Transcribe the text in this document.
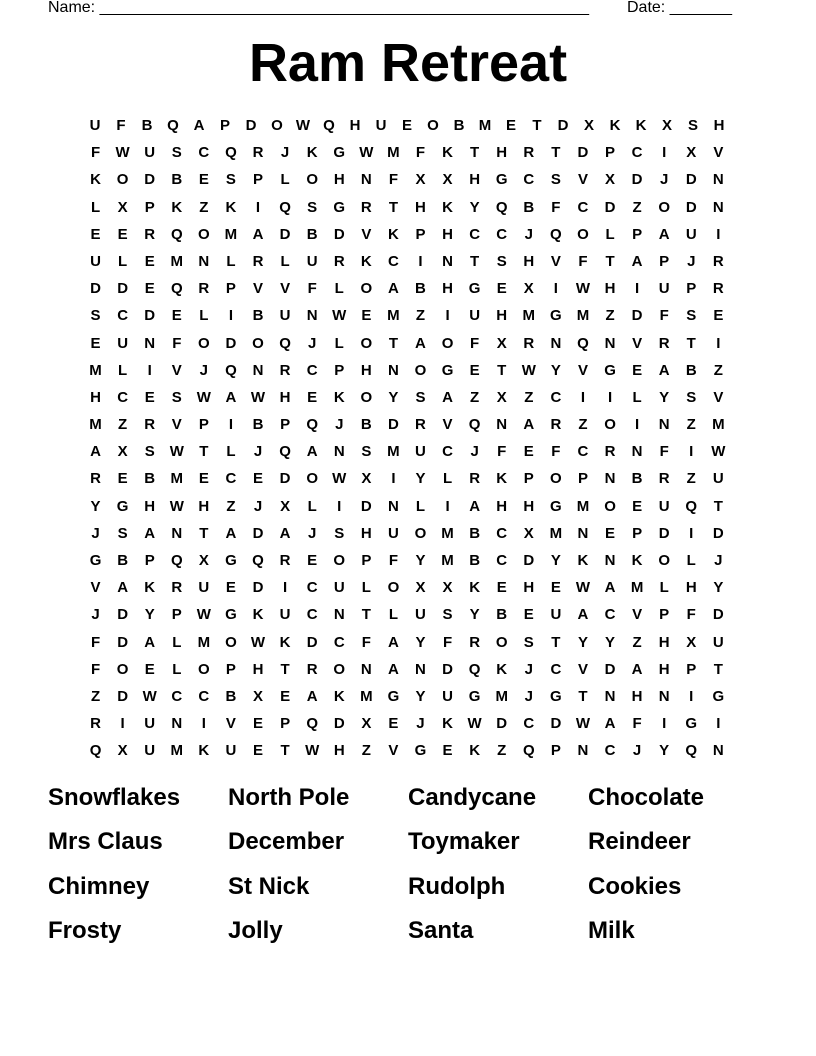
Name: _______________________________________________________ Date: _______
Ram Retreat
U	F	B Q A	P	D O W Q H	U	E	O B M E	T	D	X	K	K	X	S	H
F	W U	S	C	Q	R	J	K	G W M	F	K	T	H	R	T	D	P	C	I	X	V
K	O	D	B	E	S	P	L	O	H	N	F	X	X	H	G	C	S	V	X	D	J	D	N
L	X	P	K	Z	K	I	Q	S	G	R	T	H	K	Y	Q	B	F	C	D	Z	O	D	N
E	E	R	Q	O M	A	D	B	D	V	K	P	H	C	C	J	Q	O	L	P	A	U	I
U	L	E	M	N	L	R	L	U	R	K	C	I	N	T	S	H	V	F	T	A	P	J	R
D	D	E	Q	R	P	V	V	F	L	O	A	B	H	G	E	X	I	W H	I	U	P	R
S	C	D	E	L	I	B	U	N W E	M	Z	I	U	H	M	G M	Z	D	F	S	E
E	U	N	F	O	D	O	Q	J	L	O	T	A	O	F	X	R	N	Q	N	V	R	T	I
M	L	I	V	J	Q	N	R	C	P	H	N	O	G	E	T	W Y	V	G	E	A	B	Z
H	C	E	S W A W H	E	K	O	Y	S	A	Z	X	Z	C	I	I	L	Y	S	V
M	Z	R	V	P	I	B	P	Q	J	B	D	R	V	Q	N	A	R	Z	O	I	N	Z	M
A	X	S W	T	L	J	Q	A	N	S	M	U	C	J	F	E	F	C	R	N	F	I	W
R	E	B	M	E	C	E	D	O W X	I	Y	L	R	K	P	O	P	N	B	R	Z	U
Y	G	H W H	Z	J	X	L	I	D	N	L	I	A	H	H	G M	O	E	U	Q	T
J	S	A	N	T	A	D	A	J	S	H	U	O M	B	C	X	M	N	E	P	D	I	D
G	B	P	Q	X	G	Q	R	E	O	P	F	Y	M	B	C	D	Y	K	N	K	O	L	J
V	A	K	R	U	E	D	I	C	U	L	O	X	X	K	E	H	E W A	M	L	H	Y
J	D	Y	P W G	K	U	C	N	T	L	U	S	Y	B	E	U	A	C	V	P	F	D
F	D	A	L	M	O W K	D	C	F	A	Y	F	R	O	S	T	Y	Y	Z	H	X	U
F	O	E	L	O	P	H	T	R	O	N	A	N	D	Q	K	J	C	V	D	A	H	P	T
Z	D W C	C	B	X	E	A	K	M	G	Y	U	G M	J	G	T	N	H	N	I	G
R	I	U	N	I	V	E	P	Q	D	X	E	J	K W D	C	D W A	F	I	G	I
Q	X	U	M	K	U	E	T	W H	Z	V	G	E	K	Z	Q	P	N	C	J	Y	Q	N
Snowflakes	North Pole	Candycane	Chocolate
Mrs Claus	December	Toymaker	Reindeer
Chimney	St Nick	Rudolph	Cookies
Frosty	Jolly	Santa	Milk
